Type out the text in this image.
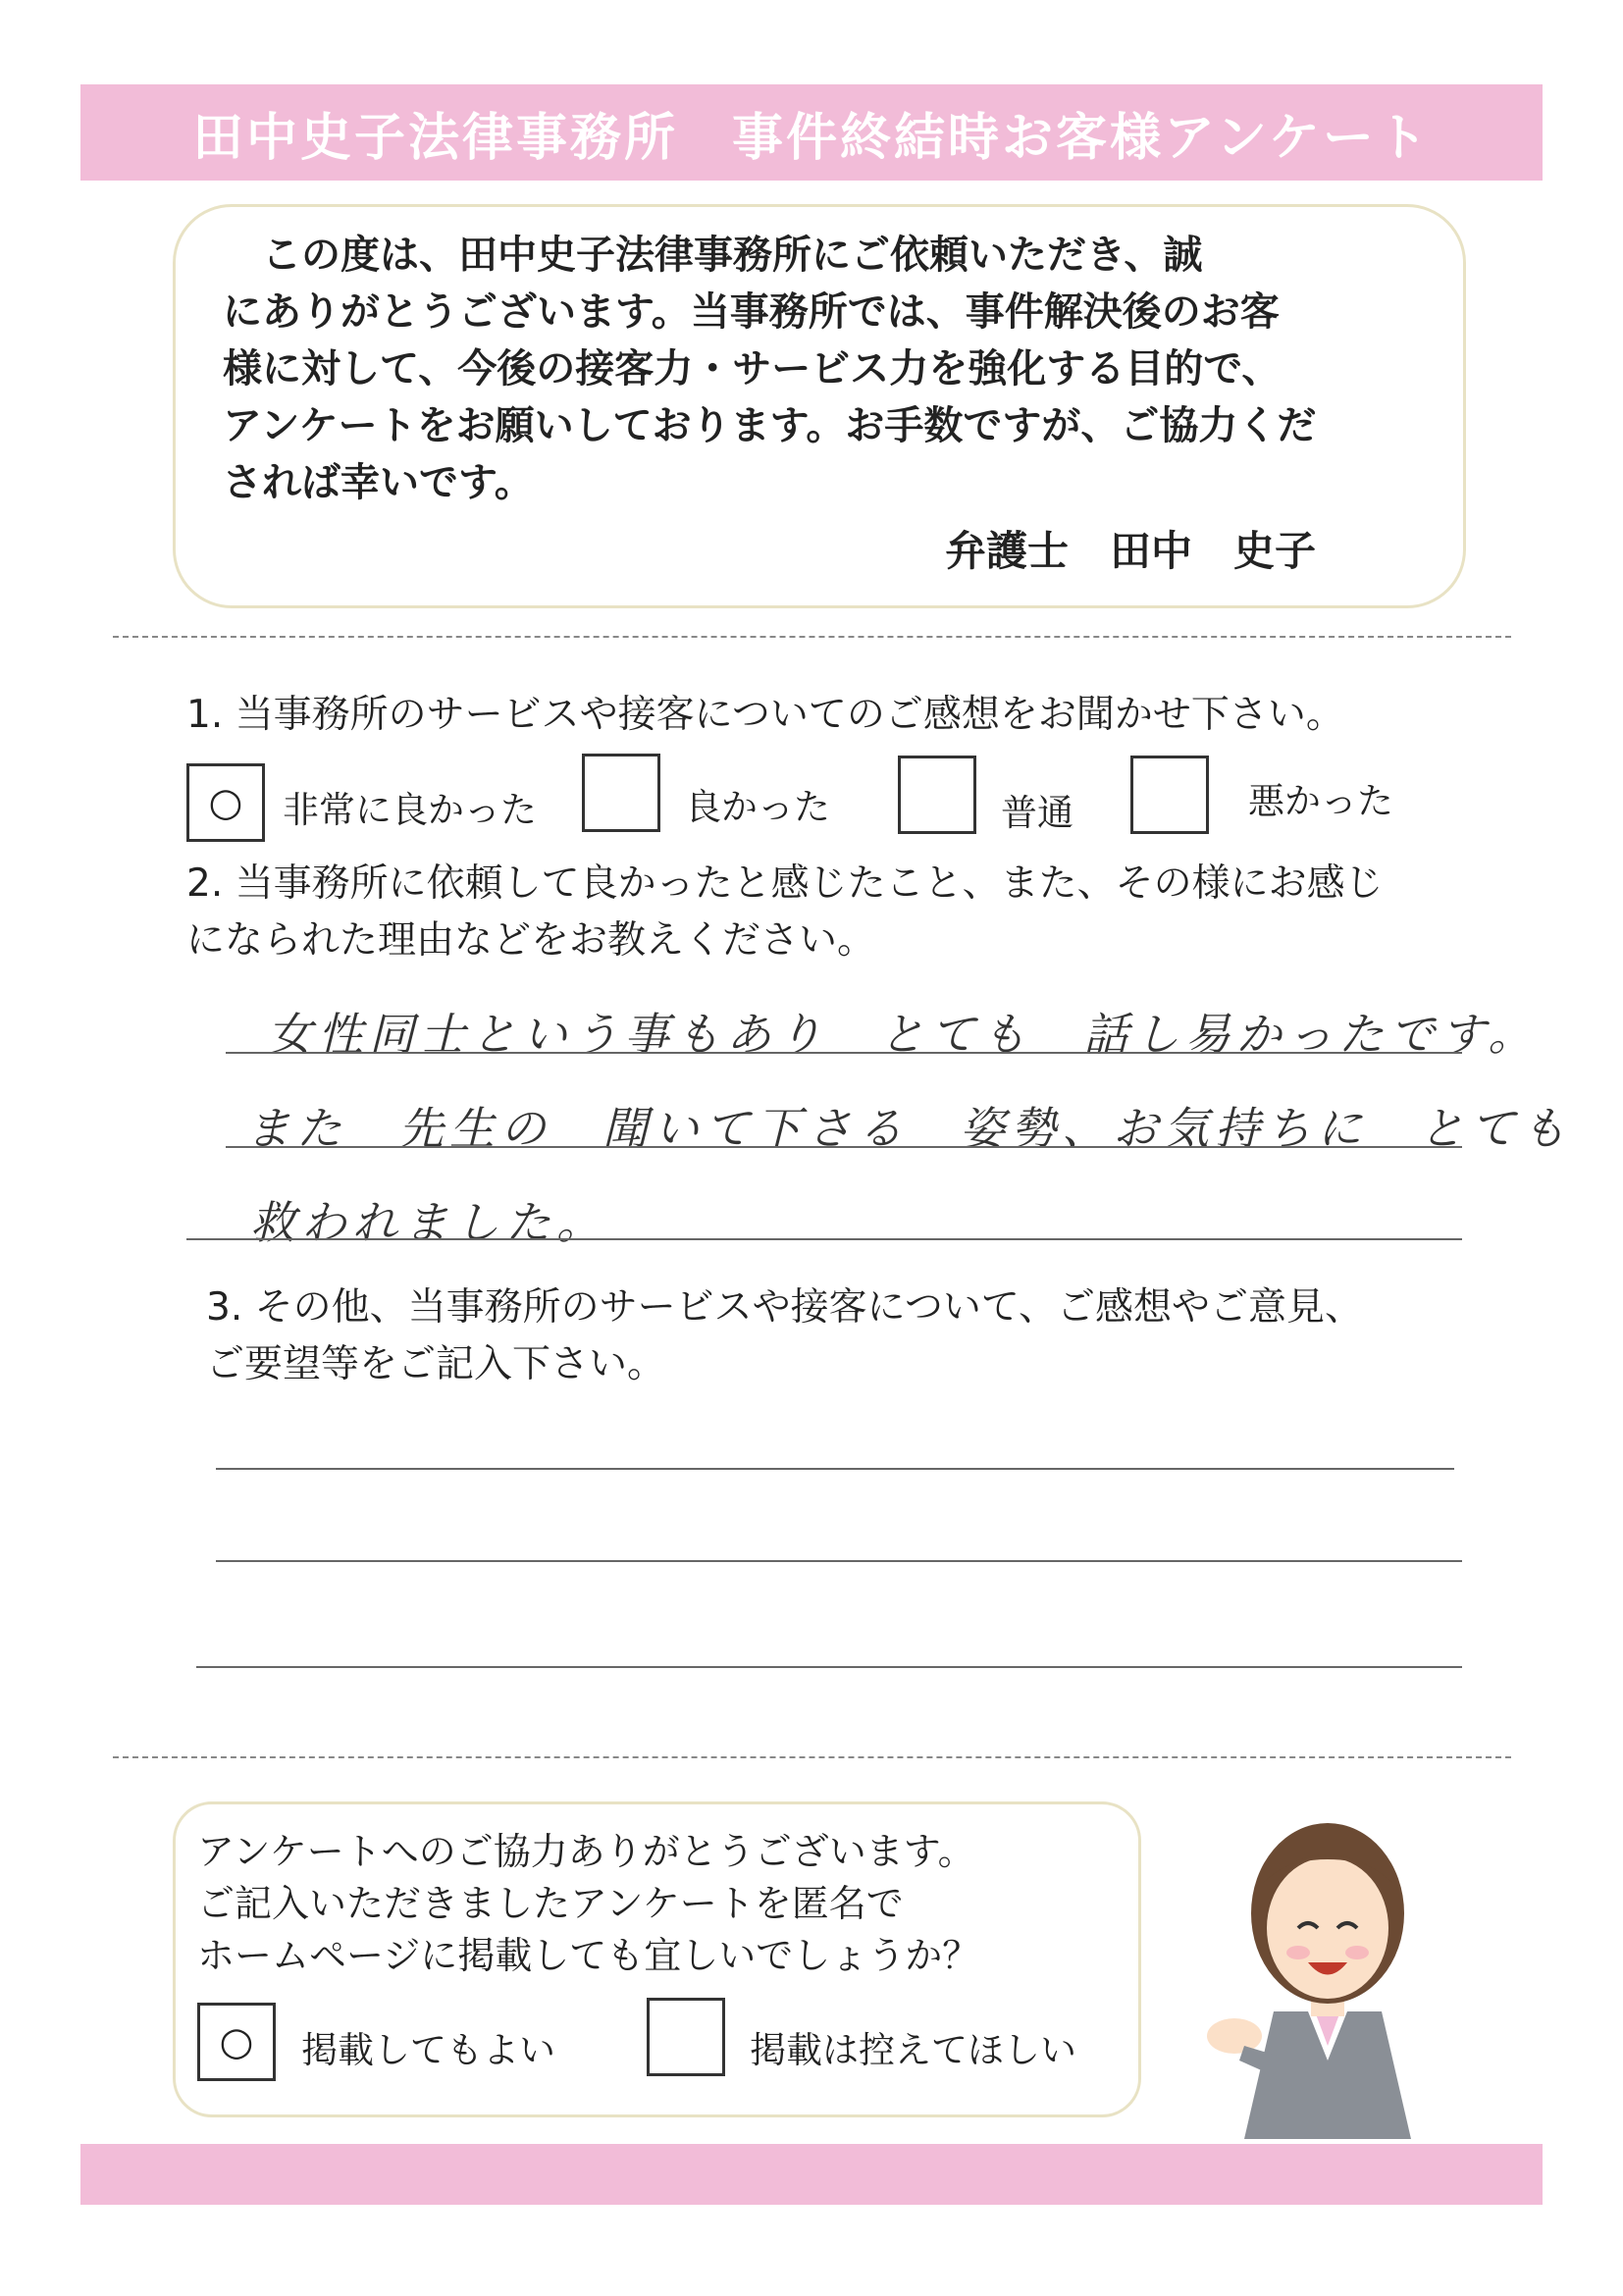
田中史子法律事務所　事件終結時お客様アンケート
　この度は、田中史子法律事務所にご依頼いただき、誠
にありがとうございます。当事務所では、事件解決後のお客
様に対して、今後の接客力・サービス力を強化する目的で、
アンケートをお願いしております。お手数ですが、ご協力くだ
されば幸いです。
弁護士　田中　史子
1. 当事務所のサービスや接客についてのご感想をお聞かせ下さい。
○	非常に良かった	良かった	普通	悪かった
2. 当事務所に依頼して良かったと感じたこと、また、その様にお感じ
になられた理由などをお教えください。
女性同士という事もあり　とても　話し易かったです。
また　先生の　聞いて下さる　姿勢、お気持ちに　とても
救われました。
3. その他、当事務所のサービスや接客について、ご感想やご意見、
ご要望等をご記入下さい。
アンケートへのご協力ありがとうございます。
ご記入いただきましたアンケートを匿名で
ホームページに掲載しても宜しいでしょうか？
○	掲載してもよい	掲載は控えてほしい
